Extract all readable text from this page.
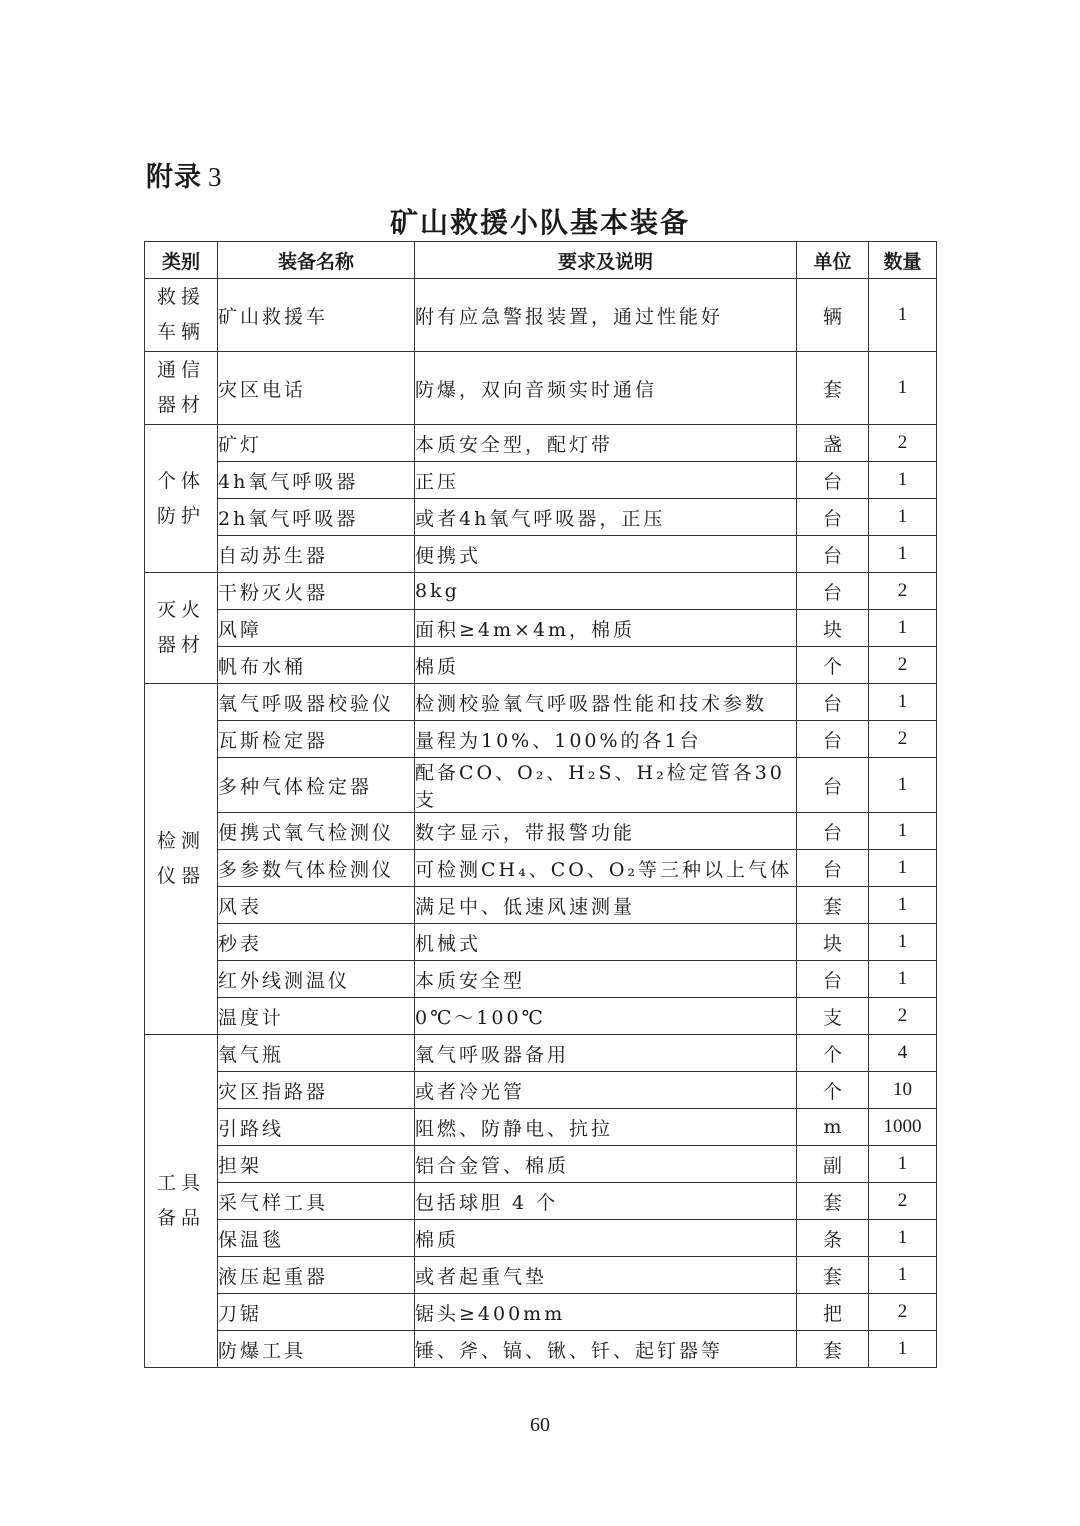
附录 3
矿山救援小队基本装备
类别	装备名称	要求及说明	单位	数量

救援
车辆	矿山救援车	附有应急警报装置，通过性能好	辆	1

通信
器材	灾区电话	防爆，双向音频实时通信	套	1

个体
防护	矿灯	本质安全型，配灯带	盏	2
	4h氧气呼吸器	正压	台	1
	2h氧气呼吸器	或者4h氧气呼吸器，正压	台	1
	自动苏生器	便携式	台	1

灭火
器材	干粉灭火器	8kg	台	2
	风障	面积≥4m×4m，棉质	块	1
	帆布水桶	棉质	个	2

检测
仪器	氧气呼吸器校验仪	检测校验氧气呼吸器性能和技术参数	台	1
	瓦斯检定器	量程为10%、100%的各1台	台	2
	多种气体检定器	配备CO、O₂、H₂S、H₂检定管各30支	台	1
	便携式氧气检测仪	数字显示，带报警功能	台	1
	多参数气体检测仪	可检测CH₄、CO、O₂等三种以上气体	台	1
	风表	满足中、低速风速测量	套	1
	秒表	机械式	块	1
	红外线测温仪	本质安全型	台	1
	温度计	0℃～100℃	支	2

工具
备品	氧气瓶	氧气呼吸器备用	个	4
	灾区指路器	或者冷光管	个	10
	引路线	阻燃、防静电、抗拉	m	1000
	担架	铝合金管、棉质	副	1
	采气样工具	包括球胆 4 个	套	2
	保温毯	棉质	条	1
	液压起重器	或者起重气垫	套	1
	刀锯	锯头≥400mm	把	2
	防爆工具	锤、斧、镐、锹、钎、起钉器等	套	1
60
